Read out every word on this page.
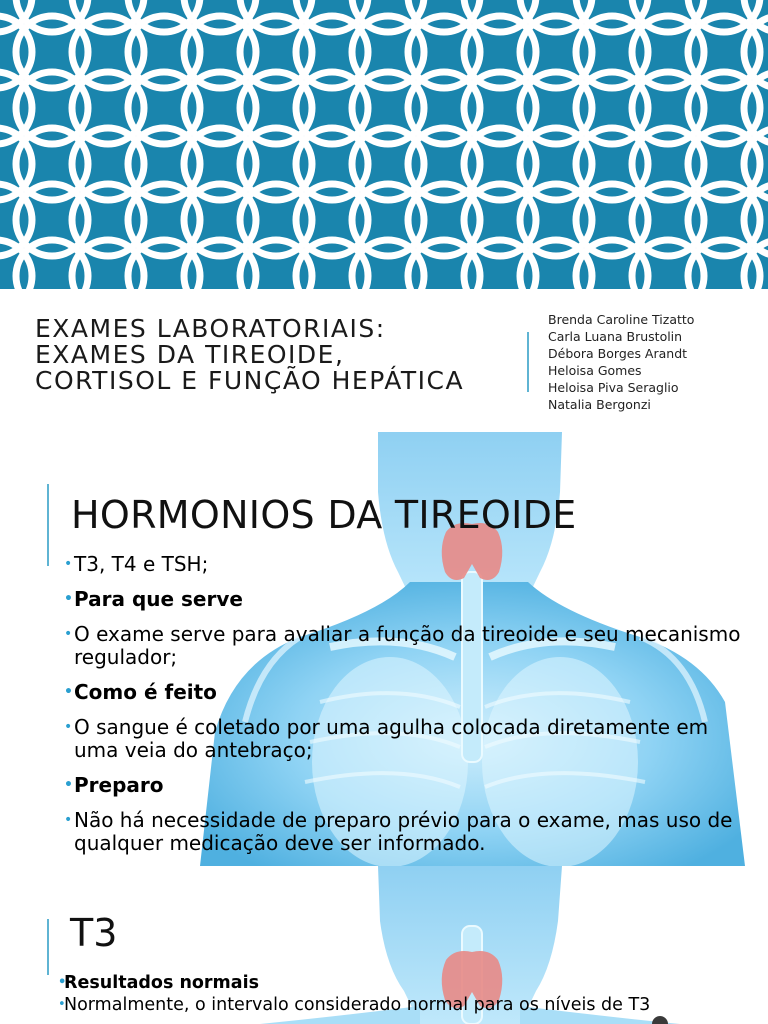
EXAMES LABORATORIAIS:
EXAMES DA TIREOIDE,
CORTISOL E FUNÇÃO HEPÁTICA
Brenda Caroline Tizatto
Carla Luana Brustolin
Débora Borges Arandt
Heloisa Gomes
Heloisa Piva Seraglio
Natalia Bergonzi
HORMONIOS DA TIREOIDE
• T3, T4 e TSH;
• Para que serve
• O exame serve para avaliar a função da tireoide e seu mecanismo regulador;
• Como é feito
• O sangue é coletado por uma agulha colocada diretamente em uma veia do antebraço;
• Preparo
• Não há necessidade de preparo prévio para o exame, mas uso de qualquer medicação deve ser informado.
T3
•
Resultados normais
•
Normalmente, o intervalo considerado normal para os níveis de T3
